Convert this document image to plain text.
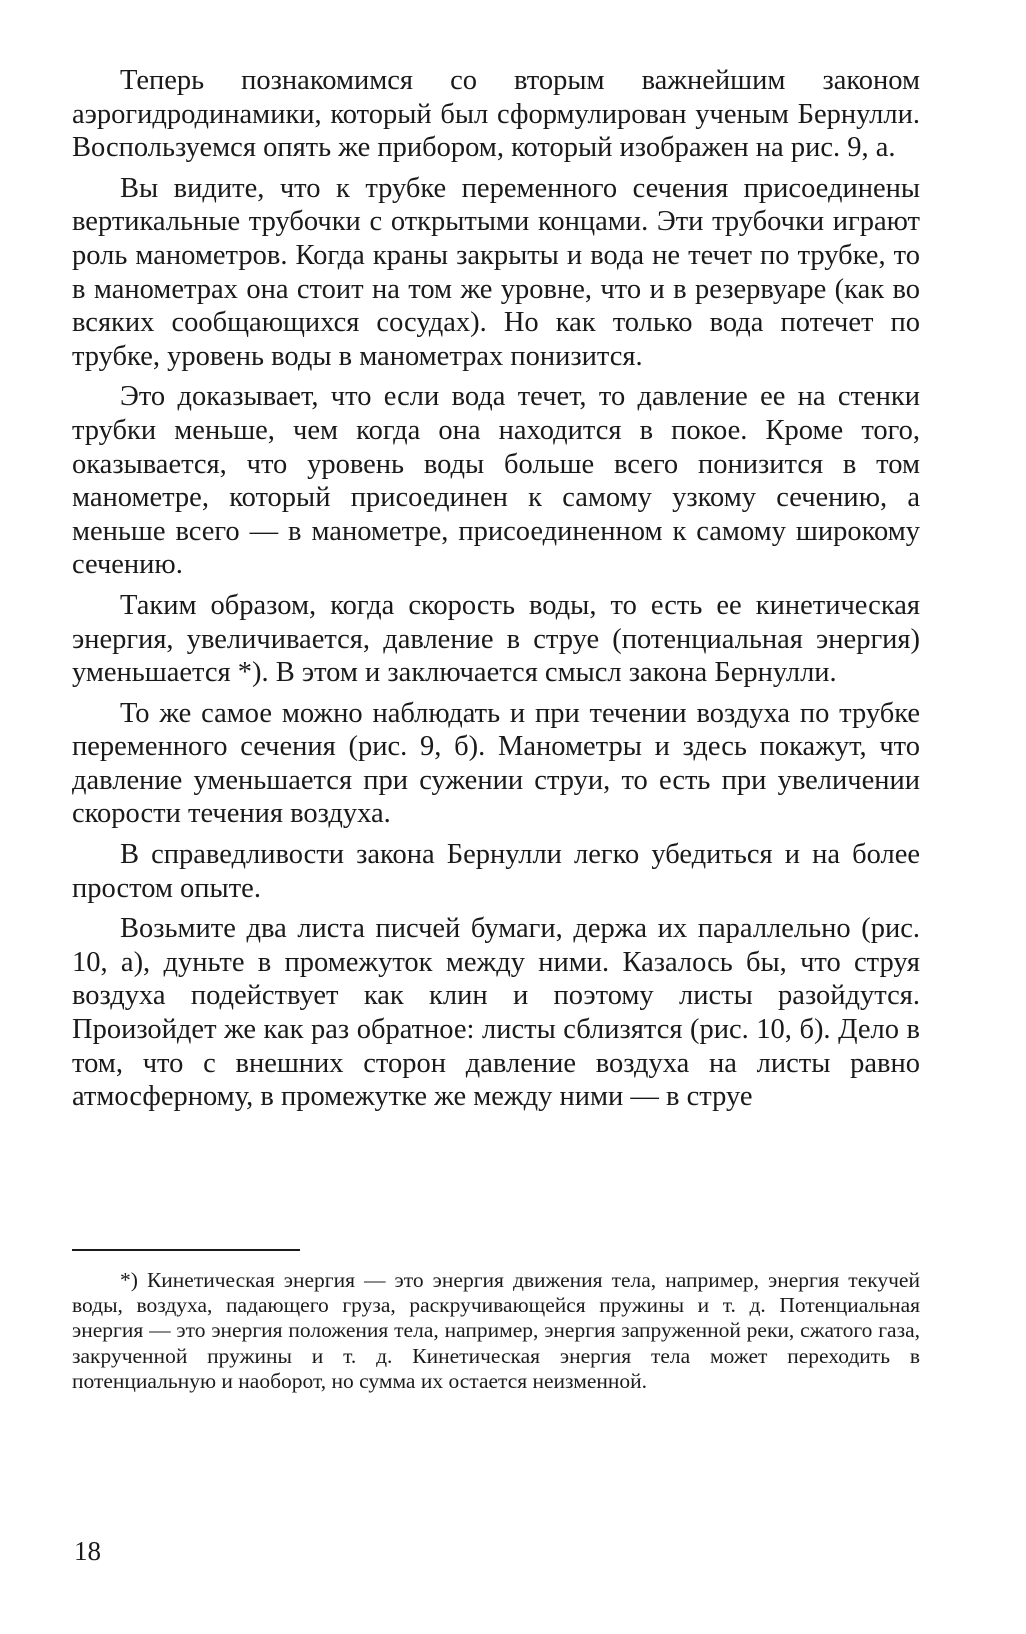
Теперь познакомимся со вторым важнейшим законом аэрогидродинамики, который был сформулирован ученым Бернулли. Воспользуемся опять же прибором, который изображен на рис. 9, а.

Вы видите, что к трубке переменного сечения присоединены вертикальные трубочки с открытыми концами. Эти трубочки играют роль манометров. Когда краны закрыты и вода не течет по трубке, то в манометрах она стоит на том же уровне, что и в резервуаре (как во всяких сообщающихся сосудах). Но как только вода потечет по трубке, уровень воды в манометрах понизится.

Это доказывает, что если вода течет, то давление ее на стенки трубки меньше, чем когда она находится в покое. Кроме того, оказывается, что уровень воды больше всего понизится в том манометре, который присоединен к самому узкому сечению, а меньше всего — в манометре, присоединенном к самому широкому сечению.

Таким образом, когда скорость воды, то есть ее кинетическая энергия, увеличивается, давление в струе (потенциальная энергия) уменьшается *). В этом и заключается смысл закона Бернулли.

То же самое можно наблюдать и при течении воздуха по трубке переменного сечения (рис. 9, б). Манометры и здесь покажут, что давление уменьшается при сужении струи, то есть при увеличении скорости течения воздуха.

В справедливости закона Бернулли легко убедиться и на более простом опыте.

Возьмите два листа писчей бумаги, держа их параллельно (рис. 10, а), дуньте в промежуток между ними. Казалось бы, что струя воздуха подействует как клин и поэтому листы разойдутся. Произойдет же как раз обратное: листы сблизятся (рис. 10, б). Дело в том, что с внешних сторон давление воздуха на листы равно атмосферному, в промежутке же между ними — в струе

*) Кинетическая энергия — это энергия движения тела, например, энергия текучей воды, воздуха, падающего груза, раскручивающейся пружины и т. д. Потенциальная энергия — это энергия положения тела, например, энергия запруженной реки, сжатого газа, закрученной пружины и т. д. Кинетическая энергия тела может переходить в потенциальную и наоборот, но сумма их остается неизменной.

18
